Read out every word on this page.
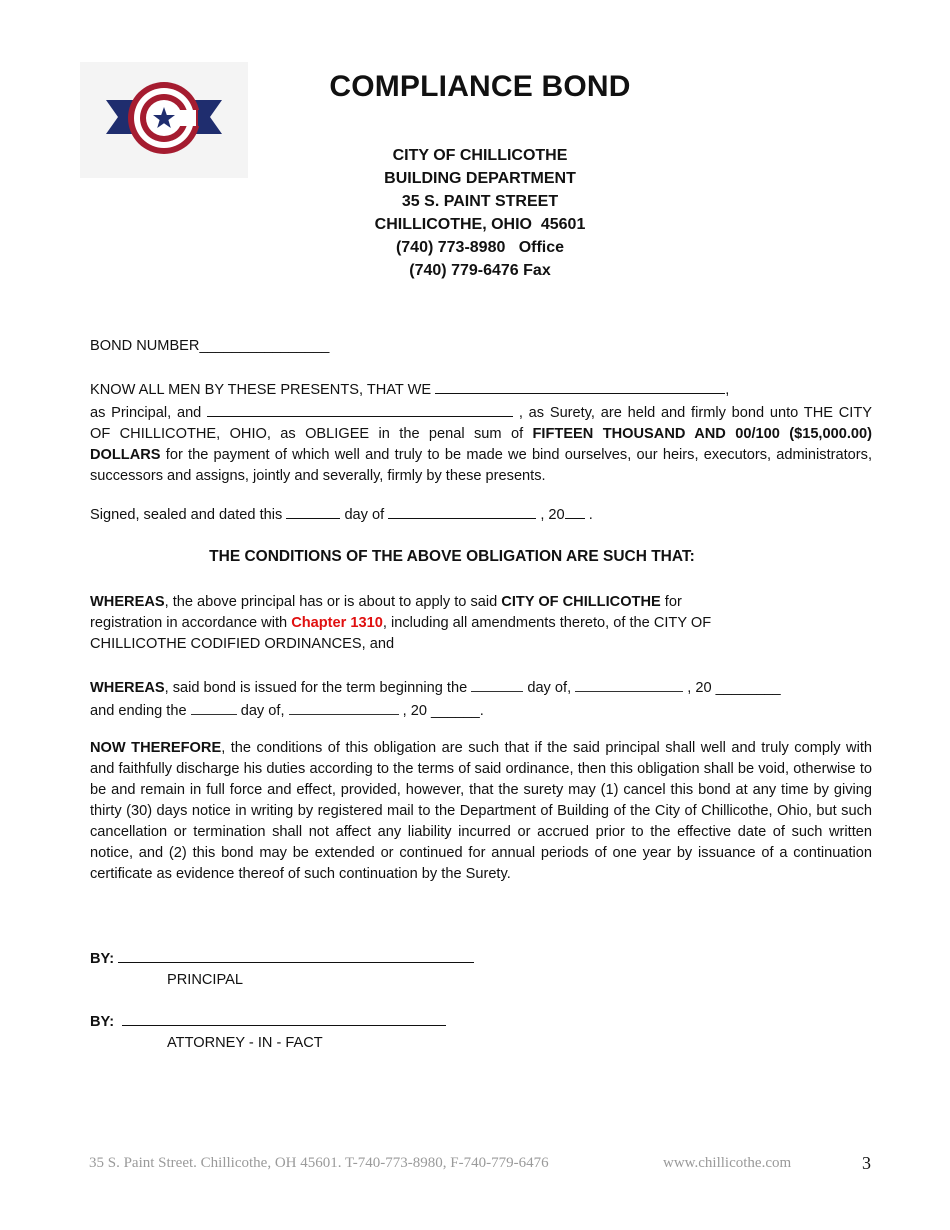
COMPLIANCE BOND
CITY OF CHILLICOTHE
BUILDING DEPARTMENT
35 S. PAINT STREET
CHILLICOTHE, OHIO  45601
(740) 773-8980   Office
(740) 779-6476 Fax
BOND NUMBER________________
KNOW ALL MEN BY THESE PRESENTS, THAT WE	,
as Principal, and	, as Surety, are held and firmly bond unto THE CITY OF CHILLICOTHE, OHIO, as OBLIGEE in the penal sum of FIFTEEN THOUSAND AND 00/100 ($15,000.00) DOLLARS for the payment of which well and truly to be made we bind ourselves, our heirs, executors, administrators, successors and assigns, jointly and severally, firmly by these presents.
Signed, sealed and dated this	day of	, 20 .
THE CONDITIONS OF THE ABOVE OBLIGATION ARE SUCH THAT:
WHEREAS, the above principal has or is about to apply to said CITY OF CHILLICOTHE for
registration in accordance with Chapter 1310, including all amendments thereto, of the CITY OF
CHILLICOTHE CODIFIED ORDINANCES, and
WHEREAS, said bond is issued for the term beginning the	day of,	, 20 ________
and ending the	day of,	, 20 ______.
NOW THEREFORE, the conditions of this obligation are such that if the said principal shall well and truly comply with and faithfully discharge his duties according to the terms of said ordinance, then this obligation shall be void, otherwise to be and remain in full force and effect, provided, however, that the surety may (1) cancel this bond at any time by giving thirty (30) days notice in writing by registered mail to the Department of Building of the City of Chillicothe, Ohio, but such cancellation or termination shall not affect any liability incurred or accrued prior to the effective date of such written notice, and (2) this bond may be extended or continued for annual periods of one year by issuance of a continuation certificate as evidence thereof of such continuation by the Surety.
BY:
PRINCIPAL
BY:
ATTORNEY - IN - FACT
35 S. Paint Street. Chillicothe, OH 45601. T-740-773-8980, F-740-779-6476	www.chillicothe.com	3
